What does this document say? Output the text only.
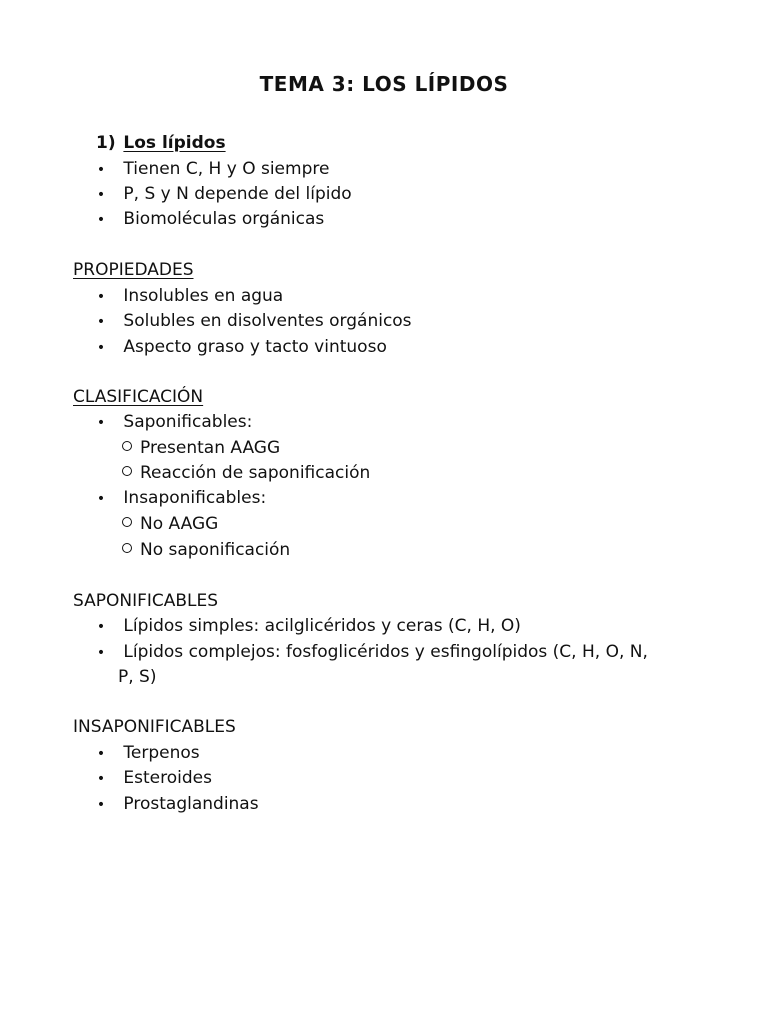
TEMA 3: LOS LÍPIDOS
1) Los lípidos
• Tienen C, H y O siempre
• P, S y N depende del lípido
• Biomoléculas orgánicas
PROPIEDADES
• Insolubles en agua
• Solubles en disolventes orgánicos
• Aspecto graso y tacto vintuoso
CLASIFICACIÓN
• Saponificables:
Presentan AAGG
Reacción de saponificación
• Insaponificables:
No AAGG
No saponificación
SAPONIFICABLES
• Lípidos simples: acilglicéridos y ceras (C, H, O)
• Lípidos complejos: fosfoglicéridos y esfingolípidos (C, H, O, N,
P, S)
INSAPONIFICABLES
• Terpenos
• Esteroides
• Prostaglandinas
